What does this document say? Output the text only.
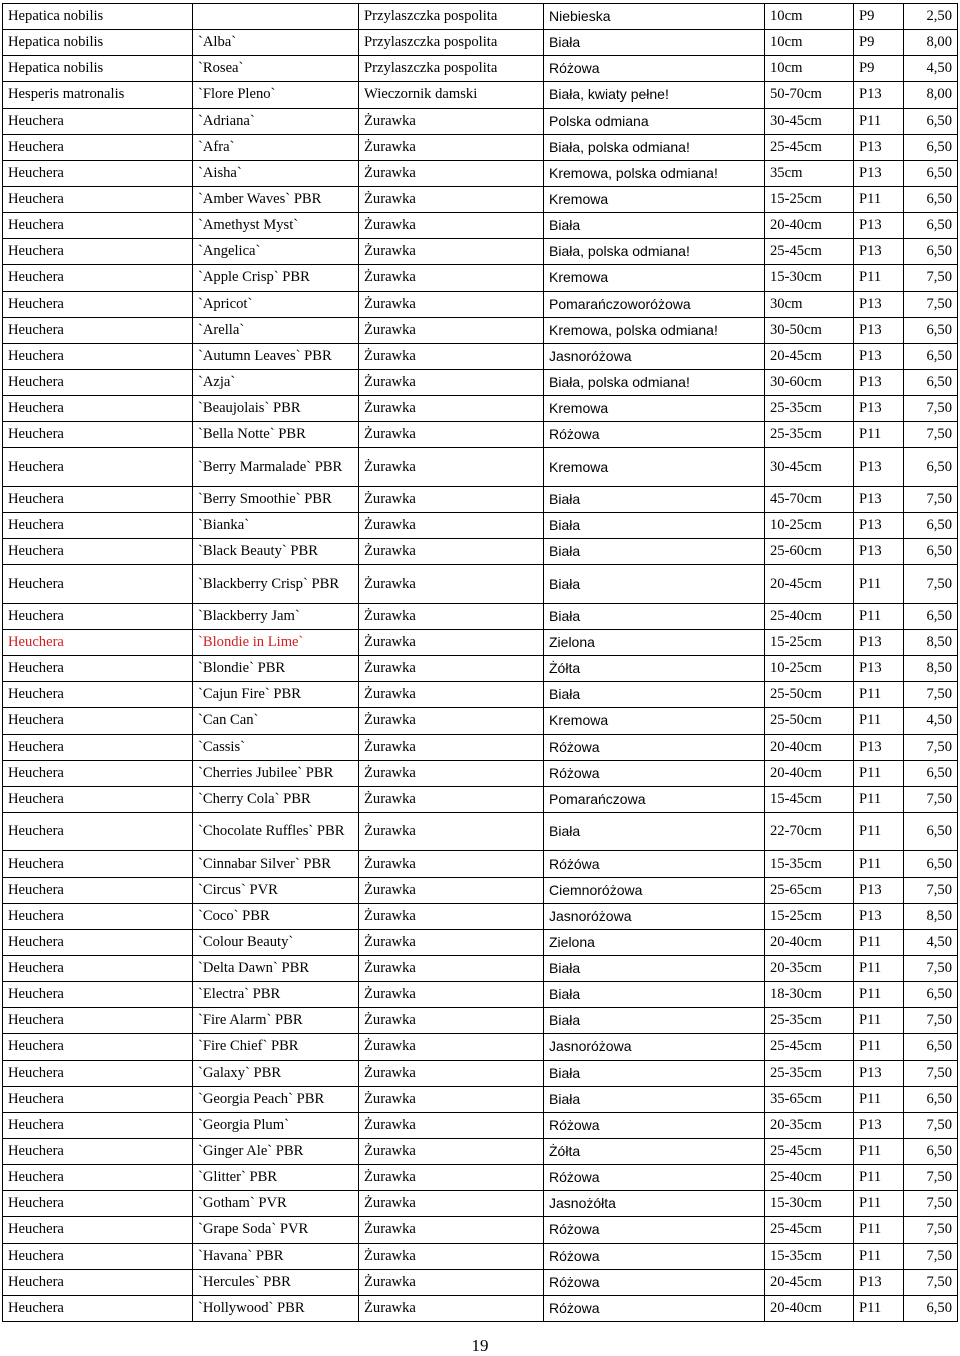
Hepatica nobilis		Przylaszczka pospolita	Niebieska	10cm	P9	2,50
Hepatica nobilis	`Alba`	Przylaszczka pospolita	Biała	10cm	P9	8,00
Hepatica nobilis	`Rosea`	Przylaszczka pospolita	Różowa	10cm	P9	4,50
Hesperis matronalis	`Flore Pleno`	Wieczornik damski	Biała, kwiaty pełne!	50-70cm	P13	8,00
Heuchera	`Adriana`	Żurawka	Polska odmiana	30-45cm	P11	6,50
Heuchera	`Afra`	Żurawka	Biała, polska odmiana!	25-45cm	P13	6,50
Heuchera	`Aisha`	Żurawka	Kremowa, polska odmiana!	35cm	P13	6,50
Heuchera	`Amber Waves` PBR	Żurawka	Kremowa	15-25cm	P11	6,50
Heuchera	`Amethyst Myst`	Żurawka	Biała	20-40cm	P13	6,50
Heuchera	`Angelica`	Żurawka	Biała, polska odmiana!	25-45cm	P13	6,50
Heuchera	`Apple Crisp` PBR	Żurawka	Kremowa	15-30cm	P11	7,50
Heuchera	`Apricot`	Żurawka	Pomarańczoworóżowa	30cm	P13	7,50
Heuchera	`Arella`	Żurawka	Kremowa, polska odmiana!	30-50cm	P13	6,50
Heuchera	`Autumn Leaves` PBR	Żurawka	Jasnoróżowa	20-45cm	P13	6,50
Heuchera	`Azja`	Żurawka	Biała, polska odmiana!	30-60cm	P13	6,50
Heuchera	`Beaujolais` PBR	Żurawka	Kremowa	25-35cm	P13	7,50
Heuchera	`Bella Notte` PBR	Żurawka	Różowa	25-35cm	P11	7,50
Heuchera	`Berry Marmalade` PBR	Żurawka	Kremowa	30-45cm	P13	6,50
Heuchera	`Berry Smoothie` PBR	Żurawka	Biała	45-70cm	P13	7,50
Heuchera	`Bianka`	Żurawka	Biała	10-25cm	P13	6,50
Heuchera	`Black Beauty` PBR	Żurawka	Biała	25-60cm	P13	6,50
Heuchera	`Blackberry Crisp` PBR	Żurawka	Biała	20-45cm	P11	7,50
Heuchera	`Blackberry Jam`	Żurawka	Biała	25-40cm	P11	6,50
Heuchera	`Blondie in Lime`	Żurawka	Zielona	15-25cm	P13	8,50
Heuchera	`Blondie` PBR	Żurawka	Żółta	10-25cm	P13	8,50
Heuchera	`Cajun Fire` PBR	Żurawka	Biała	25-50cm	P11	7,50
Heuchera	`Can Can`	Żurawka	Kremowa	25-50cm	P11	4,50
Heuchera	`Cassis`	Żurawka	Różowa	20-40cm	P13	7,50
Heuchera	`Cherries Jubilee` PBR	Żurawka	Różowa	20-40cm	P11	6,50
Heuchera	`Cherry Cola` PBR	Żurawka	Pomarańczowa	15-45cm	P11	7,50
Heuchera	`Chocolate Ruffles` PBR	Żurawka	Biała	22-70cm	P11	6,50
Heuchera	`Cinnabar Silver` PBR	Żurawka	Różówa	15-35cm	P11	6,50
Heuchera	`Circus` PVR	Żurawka	Ciemnoróżowa	25-65cm	P13	7,50
Heuchera	`Coco` PBR	Żurawka	Jasnoróżowa	15-25cm	P13	8,50
Heuchera	`Colour Beauty`	Żurawka	Zielona	20-40cm	P11	4,50
Heuchera	`Delta Dawn` PBR	Żurawka	Biała	20-35cm	P11	7,50
Heuchera	`Electra` PBR	Żurawka	Biała	18-30cm	P11	6,50
Heuchera	`Fire Alarm` PBR	Żurawka	Biała	25-35cm	P11	7,50
Heuchera	`Fire Chief` PBR	Żurawka	Jasnoróżowa	25-45cm	P11	6,50
Heuchera	`Galaxy` PBR	Żurawka	Biała	25-35cm	P13	7,50
Heuchera	`Georgia Peach` PBR	Żurawka	Biała	35-65cm	P11	6,50
Heuchera	`Georgia Plum`	Żurawka	Różowa	20-35cm	P13	7,50
Heuchera	`Ginger Ale` PBR	Żurawka	Żółta	25-45cm	P11	6,50
Heuchera	`Glitter` PBR	Żurawka	Różowa	25-40cm	P11	7,50
Heuchera	`Gotham` PVR	Żurawka	Jasnożółta	15-30cm	P11	7,50
Heuchera	`Grape Soda` PVR	Żurawka	Różowa	25-45cm	P11	7,50
Heuchera	`Havana` PBR	Żurawka	Różowa	15-35cm	P11	7,50
Heuchera	`Hercules` PBR	Żurawka	Różowa	20-45cm	P13	7,50
Heuchera	`Hollywood` PBR	Żurawka	Różowa	20-40cm	P11	6,50
19
